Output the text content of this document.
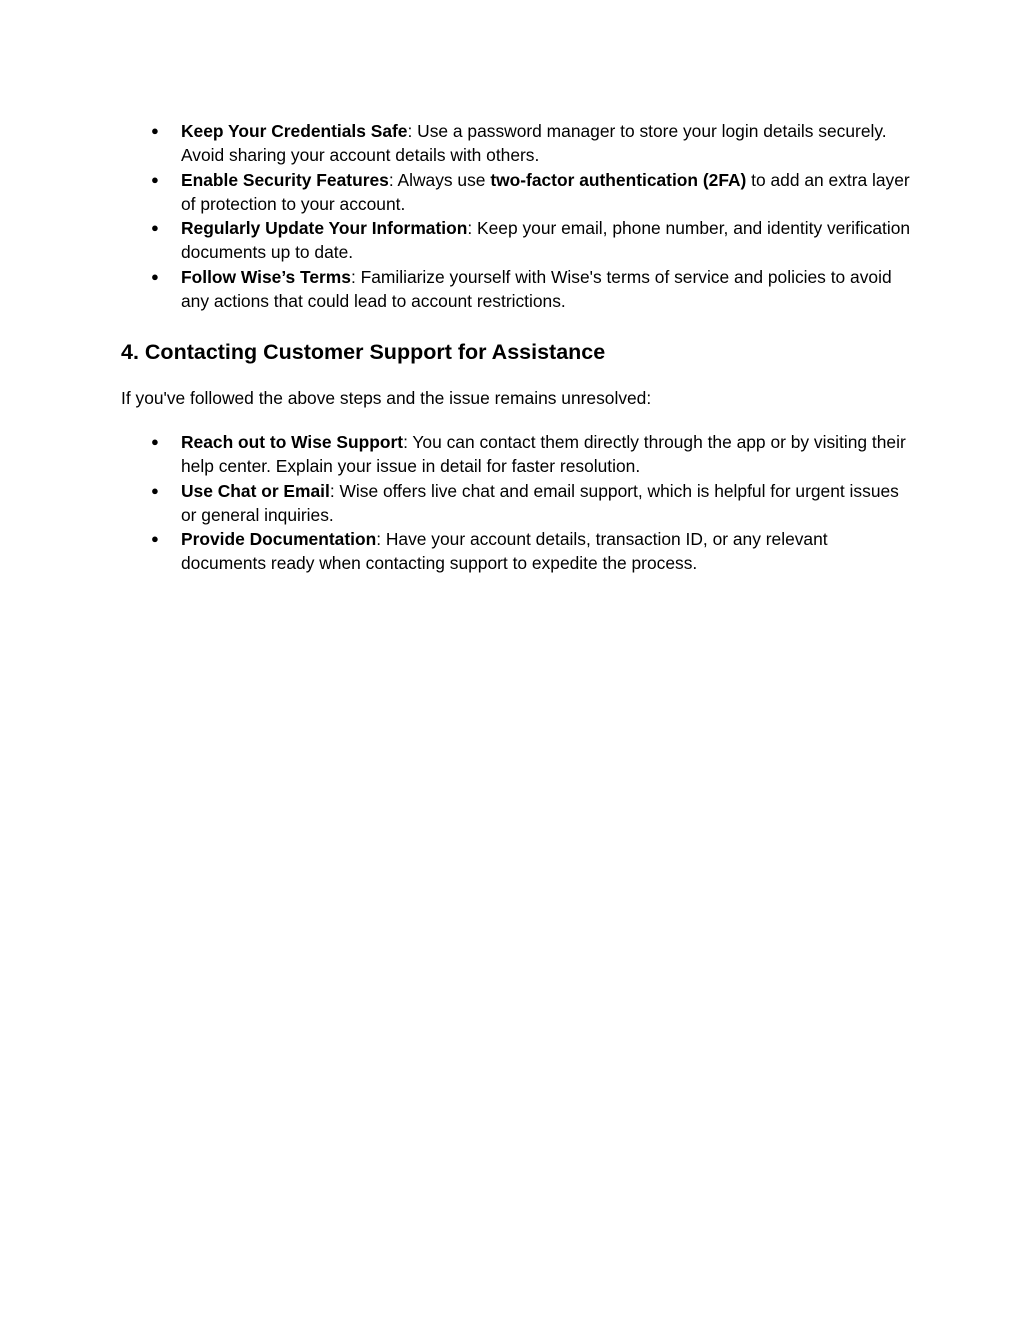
● Keep Your Credentials Safe: Use a password manager to store your login details securely. Avoid sharing your account details with others.
● Enable Security Features: Always use two-factor authentication (2FA) to add an extra layer of protection to your account.
● Regularly Update Your Information: Keep your email, phone number, and identity verification documents up to date.
● Follow Wise’s Terms: Familiarize yourself with Wise's terms of service and policies to avoid any actions that could lead to account restrictions.
4. Contacting Customer Support for Assistance

If you've followed the above steps and the issue remains unresolved:

● Reach out to Wise Support: You can contact them directly through the app or by visiting their help center. Explain your issue in detail for faster resolution.
● Use Chat or Email: Wise offers live chat and email support, which is helpful for urgent issues or general inquiries.
● Provide Documentation: Have your account details, transaction ID, or any relevant documents ready when contacting support to expedite the process.
